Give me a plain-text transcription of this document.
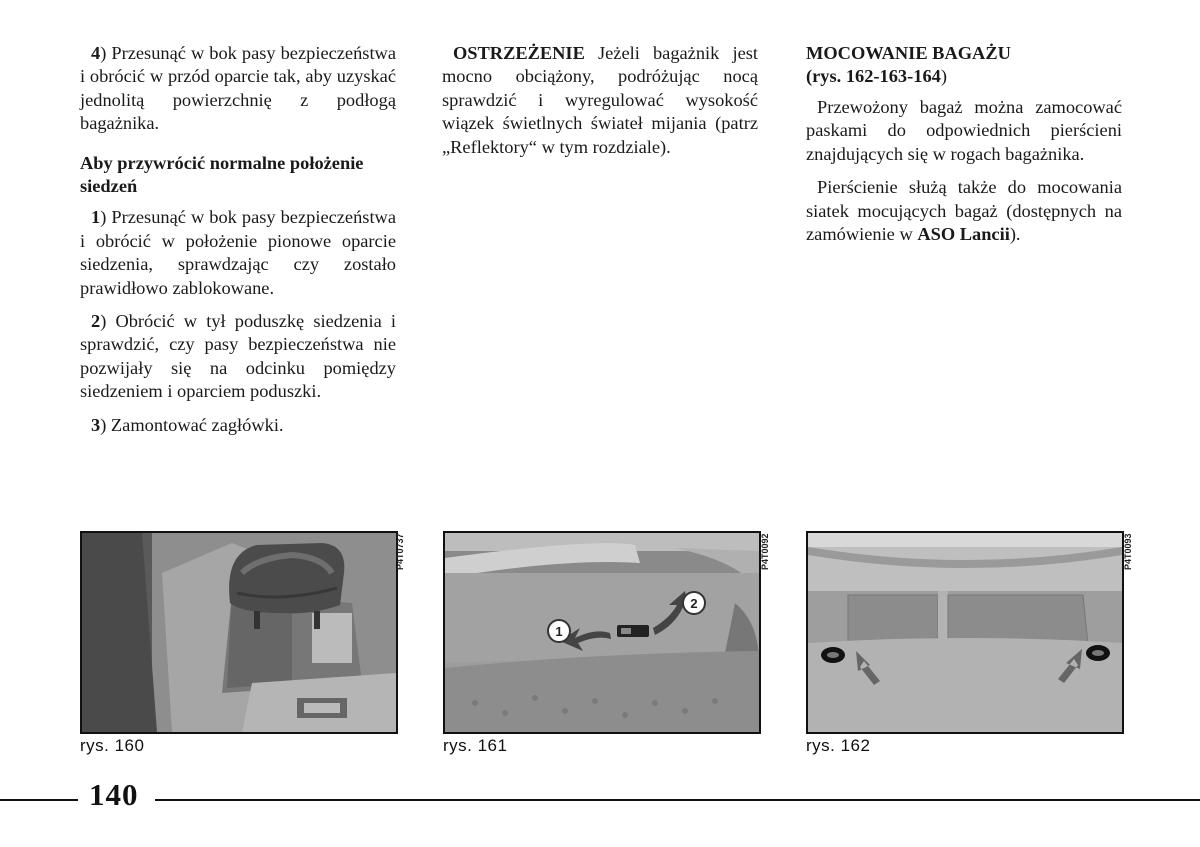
4) Przesunąć w bok pasy bezpieczeństwa i obrócić w przód oparcie tak, aby uzyskać jednolitą powierzchnię z podłogą bagażnika.

Aby przywrócić normalne położenie siedzeń

1) Przesunąć w bok pasy bezpieczeństwa i obrócić w położenie pionowe oparcie siedzenia, sprawdzając czy zostało prawidłowo zablokowane.

2) Obrócić w tył poduszkę siedzenia i sprawdzić, czy pasy bezpieczeństwa nie pozwijały się na odcinku pomiędzy siedzeniem i oparciem poduszki.

3) Zamontować zagłówki.

OSTRZEŻENIE Jeżeli bagażnik jest mocno obciążony, podróżując nocą sprawdzić i wyregulować wysokość wiązek świetlnych świateł mijania (patrz „Reflektory“ w tym rozdziale).

MOCOWANIE BAGAŻU
(rys. 162-163-164)

Przewożony bagaż można zamocować paskami do odpowiednich pierścieni znajdujących się w rogach bagażnika.

Pierścienie służą także do mocowania siatek mocujących bagaż (dostępnych na zamówienie w ASO Lancii).

P4T0737
rys. 160
1
2
P4T0092
rys. 161
P4T0093
rys. 162
140
